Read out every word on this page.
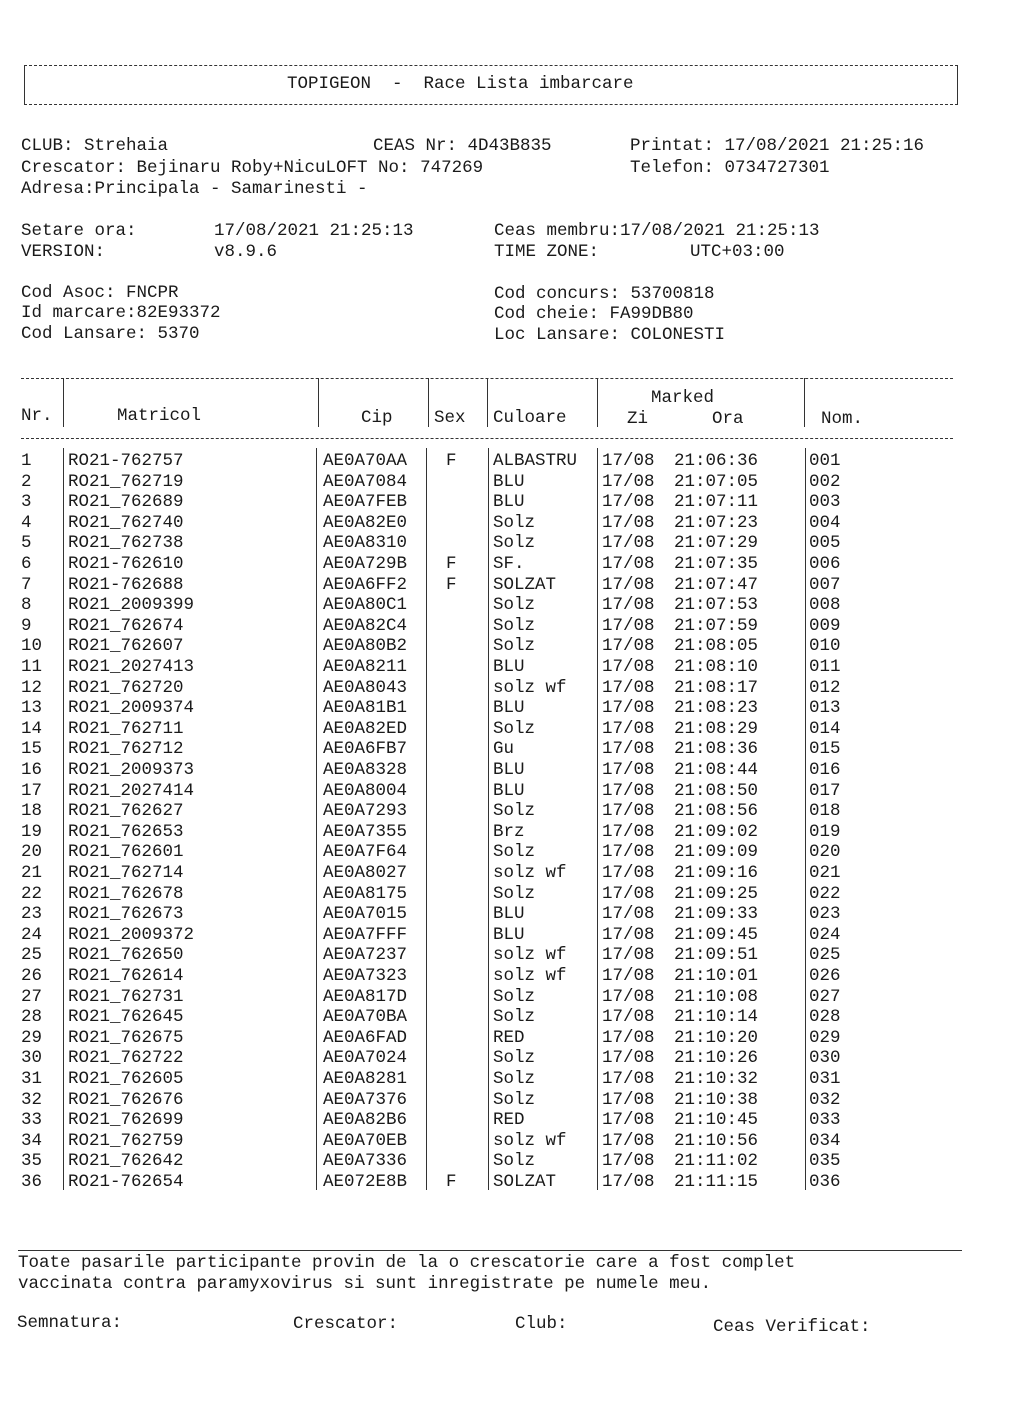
TOPIGEON  -  Race Lista imbarcare
CLUB: Strehaia	CEAS Nr: 4D43B835	Printat: 17/08/2021 21:25:16
Crescator: Bejinaru Roby+NicuLOFT No: 747269	Telefon: 0734727301
Adresa:Principala - Samarinesti -
Setare ora:	17/08/2021 21:25:13	Ceas membru:17/08/2021 21:25:13
VERSION:	v8.9.6	TIME ZONE:	UTC+03:00
Cod Asoc: FNCPR	Cod concurs: 53700818
Id marcare:82E93372	Cod cheie: FA99DB80
Cod Lansare: 5370	Loc Lansare: COLONESTI
Nr.	Matricol	Cip Sex Culoare
Marked
Zi	Ora	Nom.
1 RO21-762757	AE0A70AA F ALBASTRU 17/08 21:06:36	001
2 RO21_762719	AE0A7084	BLU	17/08 21:07:05	002
3 RO21_762689	AE0A7FEB	BLU	17/08 21:07:11	003
4 RO21_762740	AE0A82E0	Solz	17/08 21:07:23	004
5 RO21_762738	AE0A8310	Solz	17/08 21:07:29	005
6 RO21-762610	AE0A729B F SF.	17/08 21:07:35	006
7 RO21-762688	AE0A6FF2 F SOLZAT	17/08 21:07:47	007
8 RO21_2009399	AE0A80C1	Solz	17/08 21:07:53	008
9 RO21_762674	AE0A82C4	Solz	17/08 21:07:59	009
10 RO21_762607	AE0A80B2	Solz	17/08 21:08:05	010
11 RO21_2027413	AE0A8211	BLU	17/08 21:08:10	011
12 RO21_762720	AE0A8043	solz wf 17/08 21:08:17	012
13 RO21_2009374	AE0A81B1	BLU	17/08 21:08:23	013
14 RO21_762711	AE0A82ED	Solz	17/08 21:08:29	014
15 RO21_762712	AE0A6FB7	Gu	17/08 21:08:36	015
16 RO21_2009373	AE0A8328	BLU	17/08 21:08:44	016
17 RO21_2027414	AE0A8004	BLU	17/08 21:08:50	017
18 RO21_762627	AE0A7293	Solz	17/08 21:08:56	018
19 RO21_762653	AE0A7355	Brz	17/08 21:09:02	019
20 RO21_762601	AE0A7F64	Solz	17/08 21:09:09	020
21 RO21_762714	AE0A8027	solz wf 17/08 21:09:16	021
22 RO21_762678	AE0A8175	Solz	17/08 21:09:25	022
23 RO21_762673	AE0A7015	BLU	17/08 21:09:33	023
24 RO21_2009372	AE0A7FFF	BLU	17/08 21:09:45	024
25 RO21_762650	AE0A7237	solz wf 17/08 21:09:51	025
26 RO21_762614	AE0A7323	solz wf 17/08 21:10:01	026
27 RO21_762731	AE0A817D	Solz	17/08 21:10:08	027
28 RO21_762645	AE0A70BA	Solz	17/08 21:10:14	028
29 RO21_762675	AE0A6FAD	RED	17/08 21:10:20	029
30 RO21_762722	AE0A7024	Solz	17/08 21:10:26	030
31 RO21_762605	AE0A8281	Solz	17/08 21:10:32	031
32 RO21_762676	AE0A7376	Solz	17/08 21:10:38	032
33 RO21_762699	AE0A82B6	RED	17/08 21:10:45	033
34 RO21_762759	AE0A70EB	solz wf 17/08 21:10:56	034
35 RO21_762642	AE0A7336	Solz	17/08 21:11:02	035
36 RO21-762654	AE072E8B F SOLZAT	17/08 21:11:15	036
Toate pasarile participante provin de la o crescatorie care a fost complet
vaccinata contra paramyxovirus si sunt inregistrate pe numele meu.
Semnatura:	Crescator:	Club:	Ceas Verificat:
